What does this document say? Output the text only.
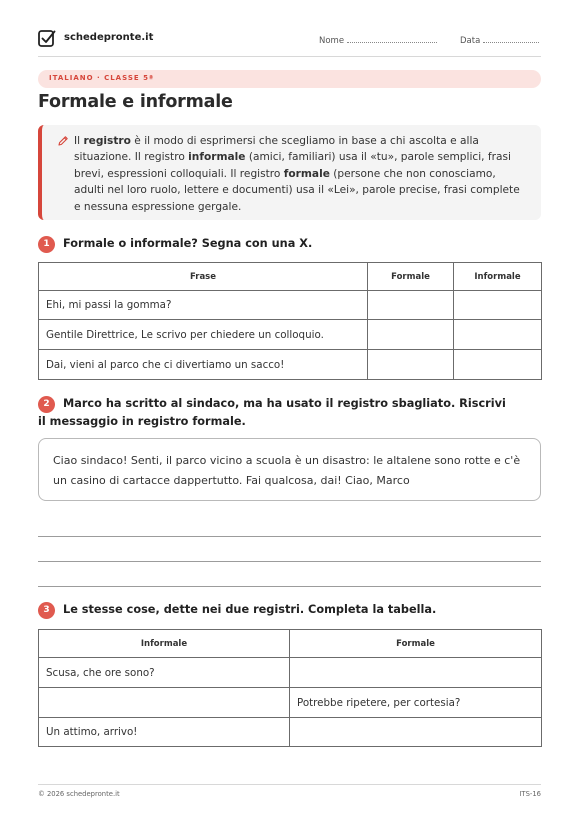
schedepronte.it	Nome	Data
ITALIANO · CLASSE 5ª
Formale e informale

Il registro è il modo di esprimersi che scegliamo in base a chi ascolta e alla situazione. Il registro informale (amici, familiari) usa il «tu», parole semplici, frasi brevi, espressioni colloquiali. Il registro formale (persone che non conosciamo, adulti nel loro ruolo, lettere e documenti) usa il «Lei», parole precise, frasi complete e nessuna espressione gergale.

1 Formale o informale? Segna con una X.
Frase	Formale	Informale
Ehi, mi passi la gomma?		
Gentile Direttrice, Le scrivo per chiedere un colloquio.		
Dai, vieni al parco che ci divertiamo un sacco!		
2 Marco ha scritto al sindaco, ma ha usato il registro sbagliato. Riscrivi il messaggio in registro formale.

Ciao sindaco! Senti, il parco vicino a scuola è un disastro: le altalene sono rotte e c'è un casino di cartacce dappertutto. Fai qualcosa, dai! Ciao, Marco

3 Le stesse cose, dette nei due registri. Completa la tabella.
Informale	Formale
Scusa, che ore sono?	
	Potrebbe ripetere, per cortesia?
Un attimo, arrivo!	
© 2026 schedepronte.it	ITS-16
